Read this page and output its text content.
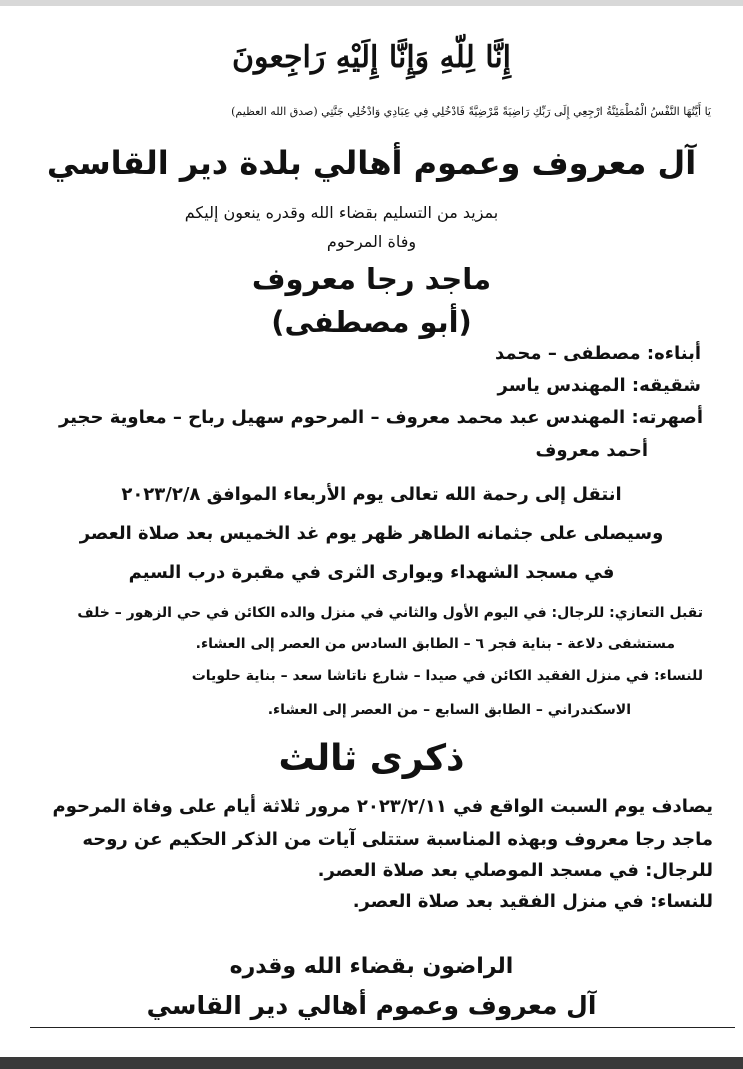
إِنَّا لِلّهِ وَإِنَّا إِلَيْهِ رَاجِعونَ
يَا أَيَّتُهَا النَّفْسُ الْمُطْمَئِنَّةُ ارْجِعِي إِلَى رَبِّكِ رَاضِيَةً مَّرْضِيَّةً فَادْخُلِي فِي عِبَادِي وَادْخُلِي جَنَّتِي (صدق الله العظيم)
آل معروف وعموم أهالي بلدة دير القاسي
بمزيد من التسليم بقضاء الله وقدره ينعون إليكم
وفاة المرحوم
ماجد رجا معروف
(أبو مصطفى)
أبناءه: مصطفى – محمد
شقيقه: المهندس ياسر
أصهرته: المهندس عبد محمد معروف – المرحوم سهيل رباح – معاوية حجير
أحمد معروف
انتقل إلى رحمة الله تعالى يوم الأربعاء الموافق ٢٠٢٣/٢/٨
وسيصلى على جثمانه الطاهر ظهر يوم غد الخميس بعد صلاة العصر
في مسجد الشهداء ويوارى الثرى في مقبرة درب السيم
تقبل التعازي: للرجال: في اليوم الأول والثاني في منزل والده الكائن في حي الزهور – خلف
مستشفى دلاعة - بناية فجر ٦ – الطابق السادس من العصر إلى العشاء.
للنساء: في منزل الفقيد الكائن في صيدا – شارع ناتاشا سعد – بناية حلويات
الاسكندراني – الطابق السابع – من العصر إلى العشاء.
ذكرى ثالث
يصادف يوم السبت الواقع في ٢٠٢٣/٢/١١ مرور ثلاثة أيام على وفاة المرحوم
ماجد رجا معروف وبهذه المناسبة ستتلى آيات من الذكر الحكيم عن روحه
للرجال: في مسجد الموصلي بعد صلاة العصر.
للنساء: في منزل الفقيد بعد صلاة العصر.
الراضون بقضاء الله وقدره
آل معروف وعموم أهالي دير القاسي
